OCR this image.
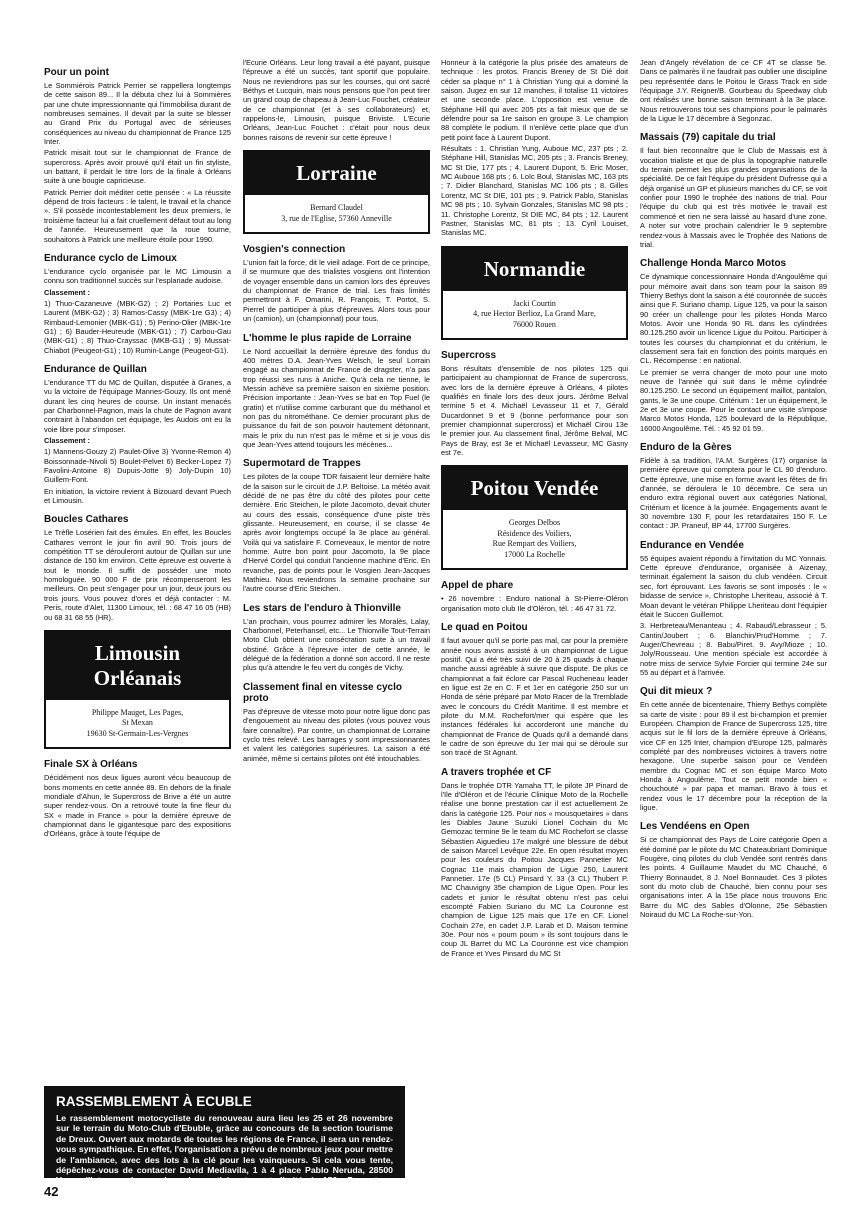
Pour un point

Le Sommiérois Patrick Perrier se rappellera longtemps de cette saison 89... Il la débuta chez lui à Sommières par une chute impressionnante qui l'immobilisa durant de nombreuses semaines. Il devait par la suite se blesser au Grand Prix du Portugal avec de sérieuses conséquences au niveau du championnat de France 125 Inter.

Patrick misait tout sur le championnat de France de supercross. Après avoir prouvé qu'il était un fin styliste, un battant, il perdait le titre lors de la finale à Orléans suite à une bougie capricieuse.

Patrick Perrier doit méditer cette pensée : « La réussite dépend de trois facteurs : le talent, le travail et la chance ». S'il possède incontestablement les deux premiers, le troisième facteur lui a fait cruellement défaut tout au long de l'année. Heureusement que la roue tourne, souhaitons à Patrick une meilleure étoile pour 1990.

Endurance cyclo de Limoux

L'endurance cyclo organisée par le MC Limousin a connu son traditionnel succès sur l'esplanade audoise.

Classement :

1) Thuo-Cazaneuve (MBK-G2) ; 2) Portaries Luc et Laurent (MBK-G2) ; 3) Ramos-Cassy (MBK-1re G3) ; 4) Rimbaud-Lemonier (MBK-G1) ; 5) Perino-Olier (MBK-1re G1) ; 6) Bauder-Heureude (MBK-G1) ; 7) Carbou-Gau (MBK-G1) ; 8) Thuo-Crayssac (MKB-G1) ; 9) Mussat-Chiabot (Peugeot-G1) ; 10) Rumin-Lange (Peugeot-G1).

Endurance de Quillan

L'endurance TT du MC de Quillan, disputée à Granes, a vu la victoire de l'équipage Mannes-Gouzy. Ils ont mené durant les cinq heures de course. Un instant menacés par Charbonnel-Pagnon, mais la chute de Pagnon avant contraint à l'abandon cet équipage, les Audois ont eu la voie libre pour s'imposer.

Classement :

1) Mannens-Gouzy 2) Paulet-Olive 3) Yvonne-Remon 4) Boissonnade-Nivoli 5) Boulet-Pelvet 6) Becker-Lopez 7) Favolini-Antoine 8) Dupuis-Jotte 9) Joly-Dupin 10) Guillem-Font.

En initiation, la victoire revient à Bizouard devant Puech et Limousin.

Boucles Cathares

Le Trèfle Losérien fait des émules. En effet, les Boucles Cathares verront le jour fin avril 90. Trois jours de compétition TT se dérouleront autour de Quillan sur une distance de 150 km environ. Cette épreuve est ouverte à tout le monde. Il suffit de posséder une moto homologuée. 90 000 F de prix récompenseront les meilleurs. On peut s'engager pour un jour, deux jours ou trois jours. Vous pouvez d'ores et déjà contacter : M. Peris, route d'Alet, 11300 Limoux, tél. : 68 47 16 05 (HB) ou 68 31 68 55 (HR).

Limousin Orléanais
Philippe Mauget, Les Pages,
St Mexan
19630 St-Germain-Les-Vergnes
Finale SX à Orléans

Décidément nos deux ligues auront vécu beaucoup de bons moments en cette année 89. En dehors de la finale mondiale d'Ahun, le Supercross de Brive a été un autre super rendez-vous. On a retrouvé toute la fine fleur du SX « made in France » pour la dernière épreuve de championnat dans le gigantesque parc des expositions d'Orléans, grâce à toute l'équipe de

l'Ecurie Orléans. Leur long travail a été payant, puisque l'épreuve a été un succès, tant sportif que populaire. Nous ne reviendrons pas sur les courses, qui ont sacré Béthys et Lucquin, mais nous pensons que l'on peut tirer un grand coup de chapeau à Jean-Luc Fouchet, créateur de ce championnat (et à ses collaborateurs) et, rappelons-le, Limousin, puisque Briviste. L'Ecurie Orléans, Jean-Luc Fouchet : c'était pour nous deux bonnes raisons de revenir sur cette épreuve !

Lorraine
Bernard Claudel
3, rue de l'Eglise, 57360 Anneville
Vosgien's connection

L'union fait la force, dit le vieil adage. Fort de ce principe, il se murmure que des trialistes vosgiens ont l'intention de voyager ensemble dans un camion lors des épreuves du championnat de France de trial. Les frais limités permettront à F. Omarini, R. François, T. Portot, S. Pierrel de participer à plus d'épreuves. Alors tous pour un (camion), un (championnat) pour tous.

L'homme le plus rapide de Lorraine

Le Nord accueillait la dernière épreuve des fondus du 400 mètres D.A. Jean-Yves Welsch, le seul Lorrain engagé au championnat de France de dragster, n'a pas trop réussi ses runs à Aniche. Qu'à cela ne tienne, le Messin achève sa première saison en sixième position. Précision importante : Jean-Yves se bat en Top Fuel (le gratin) et n'utilise comme carburant que du méthanol et non pas du nitrométhane. Ce dernier procurant plus de puissance du fait de son pouvoir hautement détonnant, mais le prix du run n'est pas le même et si je vous dis que Jean-Yves attend toujours les mécènes...

Supermotard de Trappes

Les pilotes de la coupe TDR faisaient leur dernière halte de la saison sur le circuit de J.P. Beltoise. La météo avait décidé de ne pas être du côté des pilotes pour cette dernière. Eric Steichen, le pilote Jacomoto, devait chuter au cours des essais, conséquence d'une piste très glissante. Heureusement, en course, il se classe 4e après avoir longtemps occupé la 3e place au général. Voilà qui va satisfaire F. Corneveaux, le mentor de notre homme. Autre bon point pour Jacomoto, la 9e place d'Hervé Cordel qui conduit l'ancienne machine d'Eric. En revanche, pas de points pour le Vosgien Jean-Jacques Mathieu. Nous reviendrons la semaine prochaine sur l'autre course d'Eric Steichen.

Les stars de l'enduro à Thionville

L'an prochain, vous pourrez admirer les Moralès, Lalay, Charbonnel, Peterhansel, etc... Le Thionville Tout-Terrain Moto Club obtient une consécration suite à un travail obstiné. Grâce à l'épreuve inter de cette année, le délégué de la fédération a donné son accord. Il ne reste plus qu'à attendre le feu vert du congès de Vichy.

Classement final en vitesse cyclo proto

Pas d'épreuve de vitesse moto pour notre ligue donc pas d'engouement au niveau des pilotes (vous pouvez vous faire connaître). Par contre, un championnat de Lorraine cyclo très relevé. Les barrages y sont impressionnantes et valent les catégories supérieures. La saison a été animée, même si certains pilotes ont été intouchables.

Honneur à la catégorie la plus prisée des amateurs de technique : les protos. Francis Breney de St Dié doit céder sa plaque n° 1 à Christian Yung qui a dominé la saison. Jugez en sur 12 manches, il totalise 11 victoires et une seconde place. L'opposition est venue de Stéphane Hill qui avec 205 pts a fait mieux que de se défendre pour sa 1re saison en groupe 3. Le champion 88 complète le podium. Il n'enlève cette place que d'un petit point face à Laurent Dupont.

Résultats : 1. Christian Yung, Auboue MC, 237 pts ; 2. Stéphane Hill, Stanislas MC, 205 pts ; 3. Francis Breney, MC St Die, 177 pts ; 4. Laurent Dupont, 5. Eric Moser, MC Auboue 168 pts ; 6. Loïc Boul, Stanislas MC, 163 pts ; 7. Didier Blanchard, Stanislas MC 106 pts ; 8. Gilles Lorentz, MC St DIE, 101 pts ; 9. Patrick Pablo, Stanislas MC 98 pts ; 10. Sylvain Gonzales, Stanislas MC 98 pts ; 11. Christophe Lorentz, St DIE MC, 84 pts ; 12. Laurent Pastner, Stanislas MC, 81 pts ; 13. Cyril Louiset, Stanislas MC.

Normandie
Jacki Courtin
4, rue Hector Berlioz, La Grand Mare,
76000 Rouen
Supercross

Bons résultats d'ensemble de nos pilotes 125 qui participaient au championnat de France de supercross, avec lors de la dernière épreuve à Orléans, 4 pilotes qualifiés en finale lors des deux jours. Jérôme Belval termine 5 et 4. Michaël Levasseur 11 et 7, Gérald Ducardonnet 9 et 9 (bonne performance pour son premier championnat supercross) et Michaël Cirou 13e le premier jour. Au classement final, Jérôme Belval, MC Pays de Bray, est 3e et Michaël Levasseur, MC Gasny est 7e.

Poitou Vendée
Georges Delbos
Résidence des Voiliers,
Rue Rempart des Voiliers,
17000 La Rochelle
Appel de phare

• 26 novembre : Enduro national à St-Pierre-Oléron organisation moto club Ile d'Oléron, tél. : 46 47 31 72.

Le quad en Poitou

Il faut avouer qu'il se porte pas mal, car pour la première année nous avons assisté à un championnat de Ligue positif. Qui a été très suivi de 20 à 25 quads à chaque manche aussi agréable à suivre que dispute. De plus ce championnat a fait éclore car Pascal Rucheneau leader en ligue est 2e en C. F et 1er en catégorie 250 sur un Honda de série préparé par Moto Racer de la Tremblade avec le concours du Crédit Maritime. Il est membre et pilote du M.M. Rochefort/mer qui espère que les instances fédérales lui accorderont une manche du championnat de France de Quads qu'il a demandé dans le cadre de son épreuve du 1er mai qui se déroule sur son tracé de St Agnant.

A travers trophée et CF

Dans le trophée DTR Yamaha TT, le pilote JP Pinard de l'Ile d'Oléron et de l'écurie Clinique Moto de la Rochelle réalise une bonne prestation car il est actuellement 2e dans la catégorie 125. Pour nos « mousquetaires » dans les Diables Jaune Suzuki Lionel Cochain du Mc Gemozac termine 9e le team du MC Rochefort se classe Sébastien Aiguedieu 17e malgré une blessure de début de saison Marcel Levêque 22e. En open résultat moyen pour les couleurs du Poitou Jacques Pannetier MC Cognac 11e mais champion de Ligue 250, Laurent Pannetier. 17e (5 CL) Pinsard Y. 33 (3 CL) Thubert P. MC Chauvigny 35e champion de Ligue Open. Pour les cadets et junior le résultat obtenu n'est pas celui escompté Fabien Suriano du MC La Couronne est champion de Ligue 125 mais que 17e en CF. Lionel Cochain 27e, en cadet J.P. Larab et D. Maison termine 30e. Pour nos « poum poum » ils sont toujours dans le coup JL Barret du MC La Couronne est vice champion de France et Yves Pinsard du MC St

Jean d'Angely révélation de ce CF 4T se classe 5e. Dans ce palmarès il ne faudrait pas oublier une discipline peu représentée dans le Poitou le Grass Track en side l'équipage J.Y. Reigner/B. Gourbeau du Speedway club ont réalisés une bonne saison terminant à la 3e place. Nous retrouverons tout ses champions pour le palmarès de la Ligue le 17 décembre à Segonzac.

Massais (79) capitale du trial

Il faut bien reconnaître que le Club de Massais est à vocation trialiste et que de plus la topographie naturelle du terrain permet les plus grandes organisations de la spécialité. De ce fait l'équipe du président Dufresse qui a déjà organisé un GP et plusieurs manches du CF, se voit confier pour 1990 le trophée des nations de trial. Pour l'équipe du club qui est très motivée le travail est commencé et rien ne sera laissé au hasard d'une zone. A noter sur votre prochain calendrier le 9 septembre rendez-vous à Massais avec le Trophée des Nations de trial.

Challenge Honda Marco Motos

Ce dynamique concessionnaire Honda d'Angoulême qui pour mémoire avait dans son team pour la saison 89 Thierry Bethys dont la saison a été couronnée de succès ainsi que F. Suriano champ. Ligue 125, va pour la saison 90 créer un challenge pour les pilotes Honda Marco Motos. Avoir une Honda 90 RL dans les cylindrées 80.125.250 avoir un licence Ligue du Poitou. Participer à toutes les courses du championnat et du critérium, le classement sera fait en fonction des points marqués en CL. Récompense : en national.

Le premier se verra changer de moto pour une moto neuve de l'année qui suit dans le même cylindrée 80.125.250. Le second un équipement maillot, pantalon, gants, le 3e une coupe. Critérium : 1er un équipement, le 2e et 3e une coupe. Pour le contact une visite s'impose Marco Motos Honda, 125 boulevard de la République, 16000 Angoulême. Tél. : 45 92 01 59.

Enduro de la Gères

Fidèle à sa tradition, l'A.M. Surgères (17) organise la première épreuve qui comptera pour le CL 90 d'enduro. Cette épreuve, une mise en forme avant les fêtes de fin d'année, se déroulera le 10 décembre. Ce sera un enduro extra régional ouvert aux catégories National, Critérium et licence à la journée. Engagements avant le 30 novembre 130 F, pour les retardataires 150 F. Le contact : JP. Praneuf, BP 44, 17700 Surgères.

Endurance en Vendée

55 équipes avaient répondu à l'invitation du MC Yonnais. Cette épreuve d'endurance, organisée à Aizenay, terminait également la saison du club vendéen. Circuit sec, fort éprouvant. Les favoris se sont imposés : le « bidasse de service », Christophe Lheriteau, associé à T. Moan devant le vétéran Philippe Lheriteau dont l'équipier était le Succen Guillemot.

3. Herbreteau/Menanteau ; 4. Rabaud/Lebrasseur ; 5. Cantin/Joubert ; 6. Blanchin/Prud'Homme ; 7. Auger/Chevreau ; 8. Babu/Piret. 9. Avy/Mioze ; 10. Joly/Rousseau. Une mention spéciale est accordée à notre miss de service Sylvie Forcier qui termine 24e sur 55 au départ et à l'arrivée.

Qui dit mieux ?

En cette année de bicentenaire, Thierry Bethys complète sa carte de visite : pour 89 il est bi-champion et premier Européen. Champion de France de Supercross 125, titre acquis sur le fil lors de la dernière épreuve à Orléans, vice CF en 125 Inter, champion d'Europe 125, palmarès complété par des nombreuses victoires à travers notre hexagone. Une superbe saison pour ce Vendéen membre du Cognac MC et son équipe Marco Moto Honda à Angoulême. Tout ce petit monde bien « chouchouté » par papa et maman. Bravo à tous et rendez vous le 17 décembre pour la réception de la ligue.

Les Vendéens en Open

Si ce championnat des Pays de Loire catégorie Open a été dominé par le pilote du MC Chateaubriant Dominique Fougère, cinq pilotes du club Vendée sont rentrés dans les points. 4 Guillaume Maudet du MC Chauché, 6 Thierry Bonnaudet, 8 J. Noel Bonnaudet. Ces 3 pilotes sont du moto club de Chauché, bien connu pour ses organisations inter. A la 15e place nous trouvons Eric Barre du MC des Sables d'Olonne, 25e Sébastien Noiraud du MC La Roche-sur-Yon.

RASSEMBLEMENT À ECUBLE

Le rassemblement motocycliste du renouveau aura lieu les 25 et 26 novembre sur le terrain du Moto-Club d'Ebuble, grâce au concours de la section tourisme de Dreux. Ouvert aux motards de toutes les régions de France, il sera un rendez-vous sympathique. En effet, l'organisation a prévu de nombreux jeux pour mettre de l'ambiance, avec des lots à la clé pour les vainqueurs. Si cela vous tente, dépêchez-vous de contacter David Mediavila, 1 à 4 place Pablo Neruda, 28500 Vernouillet, car le nombre de participants est limité à 150. Pour tous renseignements, faites le 37 42 16 22 ou le 37 42 07 26 entre 19 et 21 heures.

42
